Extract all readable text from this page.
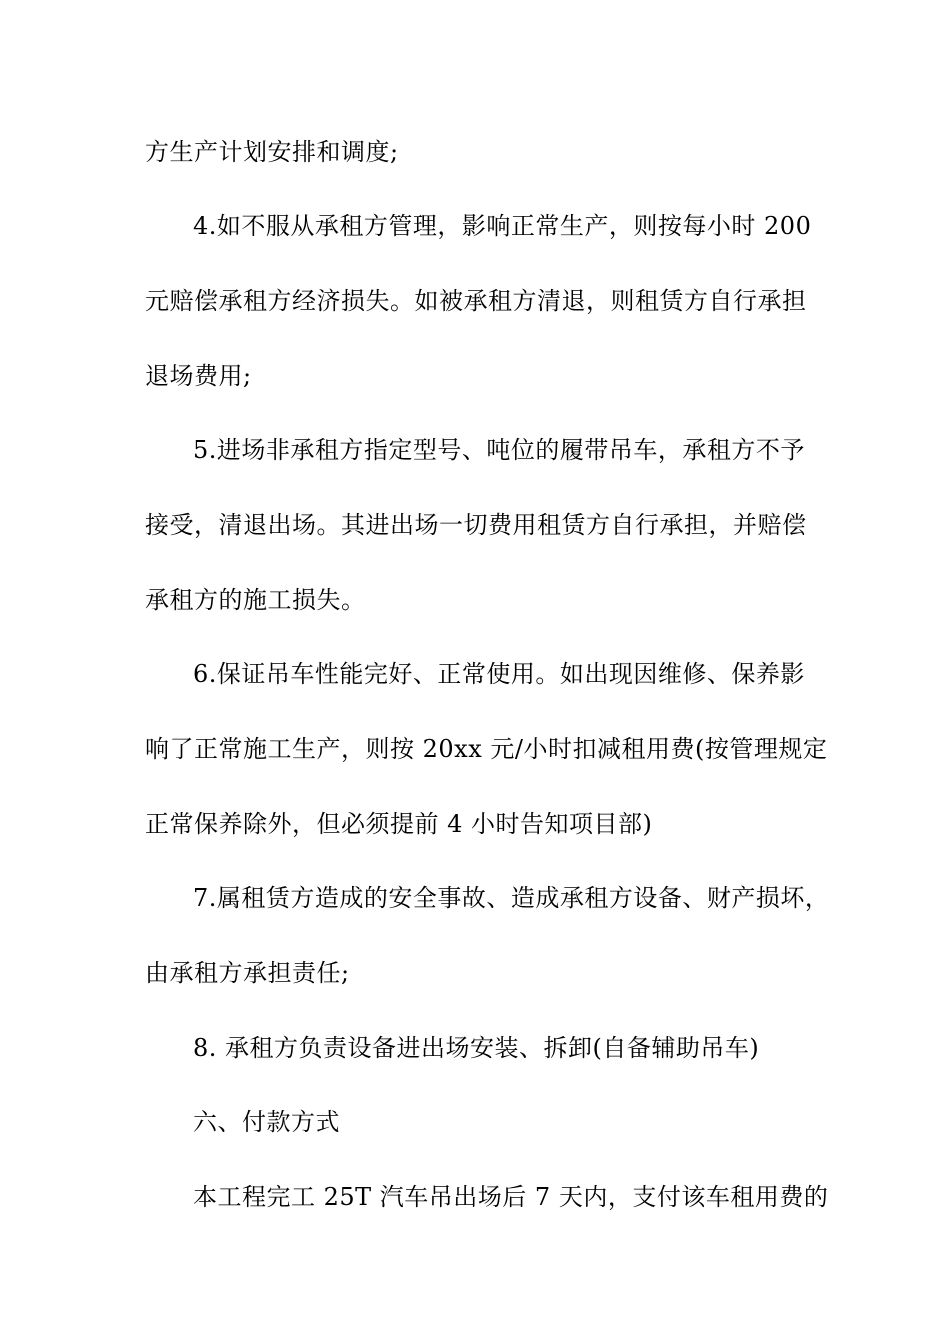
方生产计划安排和调度;
4.如不服从承租方管理，影响正常生产，则按每小时 200
元赔偿承租方经济损失。如被承租方清退，则租赁方自行承担
退场费用;
5.进场非承租方指定型号、吨位的履带吊车，承租方不予
接受，清退出场。其进出场一切费用租赁方自行承担，并赔偿
承租方的施工损失。
6.保证吊车性能完好、正常使用。如出现因维修、保养影
响了正常施工生产，则按 20xx 元/小时扣减租用费(按管理规定
正常保养除外，但必须提前 4 小时告知项目部)
7.属租赁方造成的安全事故、造成承租方设备、财产损坏，
由承租方承担责任;
8. 承租方负责设备进出场安装、拆卸(自备辅助吊车)
六、付款方式
本工程完工 25T 汽车吊出场后 7 天内，支付该车租用费的
